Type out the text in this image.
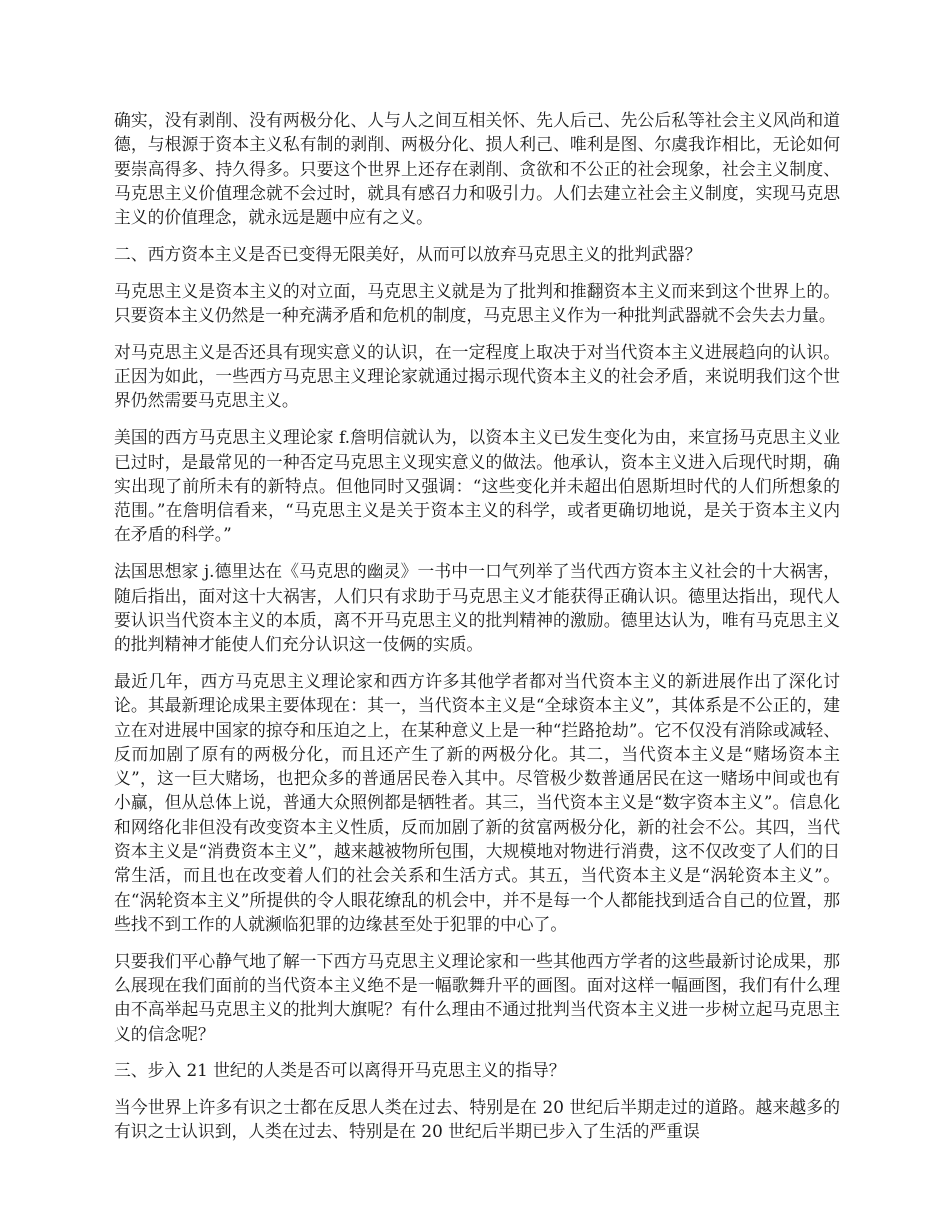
确实，没有剥削、没有两极分化、人与人之间互相关怀、先人后己、先公后私等社会主义风尚和道德，与根源于资本主义私有制的剥削、两极分化、损人利己、唯利是图、尔虞我诈相比，无论如何要崇高得多、持久得多。只要这个世界上还存在剥削、贪欲和不公正的社会现象，社会主义制度、马克思主义价值理念就不会过时，就具有感召力和吸引力。人们去建立社会主义制度，实现马克思主义的价值理念，就永远是题中应有之义。

二、西方资本主义是否已变得无限美好，从而可以放弃马克思主义的批判武器？

马克思主义是资本主义的对立面，马克思主义就是为了批判和推翻资本主义而来到这个世界上的。只要资本主义仍然是一种充满矛盾和危机的制度，马克思主义作为一种批判武器就不会失去力量。

对马克思主义是否还具有现实意义的认识，在一定程度上取决于对当代资本主义进展趋向的认识。正因为如此，一些西方马克思主义理论家就通过揭示现代资本主义的社会矛盾，来说明我们这个世界仍然需要马克思主义。

美国的西方马克思主义理论家 f.詹明信就认为，以资本主义已发生变化为由，来宣扬马克思主义业已过时，是最常见的一种否定马克思主义现实意义的做法。他承认，资本主义进入后现代时期，确实出现了前所未有的新特点。但他同时又强调：“这些变化并未超出伯恩斯坦时代的人们所想象的范围。”在詹明信看来，“马克思主义是关于资本主义的科学，或者更确切地说，是关于资本主义内在矛盾的科学。”

法国思想家 j.德里达在《马克思的幽灵》一书中一口气列举了当代西方资本主义社会的十大祸害，随后指出，面对这十大祸害，人们只有求助于马克思主义才能获得正确认识。德里达指出，现代人要认识当代资本主义的本质，离不开马克思主义的批判精神的激励。德里达认为，唯有马克思主义的批判精神才能使人们充分认识这一伎俩的实质。

最近几年，西方马克思主义理论家和西方许多其他学者都对当代资本主义的新进展作出了深化讨论。其最新理论成果主要体现在：其一，当代资本主义是“全球资本主义”，其体系是不公正的，建立在对进展中国家的掠夺和压迫之上，在某种意义上是一种“拦路抢劫”。它不仅没有消除或减轻、反而加剧了原有的两极分化，而且还产生了新的两极分化。其二，当代资本主义是“赌场资本主义”，这一巨大赌场，也把众多的普通居民卷入其中。尽管极少数普通居民在这一赌场中间或也有小赢，但从总体上说，普通大众照例都是牺牲者。其三，当代资本主义是“数字资本主义”。信息化和网络化非但没有改变资本主义性质，反而加剧了新的贫富两极分化，新的社会不公。其四，当代资本主义是“消费资本主义”，越来越被物所包围，大规模地对物进行消费，这不仅改变了人们的日常生活，而且也在改变着人们的社会关系和生活方式。其五，当代资本主义是“涡轮资本主义”。在“涡轮资本主义”所提供的令人眼花缭乱的机会中，并不是每一个人都能找到适合自己的位置，那些找不到工作的人就濒临犯罪的边缘甚至处于犯罪的中心了。

只要我们平心静气地了解一下西方马克思主义理论家和一些其他西方学者的这些最新讨论成果，那么展现在我们面前的当代资本主义绝不是一幅歌舞升平的画图。面对这样一幅画图，我们有什么理由不高举起马克思主义的批判大旗呢？有什么理由不通过批判当代资本主义进一步树立起马克思主义的信念呢？

三、步入 21 世纪的人类是否可以离得开马克思主义的指导？

当今世界上许多有识之士都在反思人类在过去、特别是在 20 世纪后半期走过的道路。越来越多的有识之士认识到，人类在过去、特别是在 20 世纪后半期已步入了生活的严重误
